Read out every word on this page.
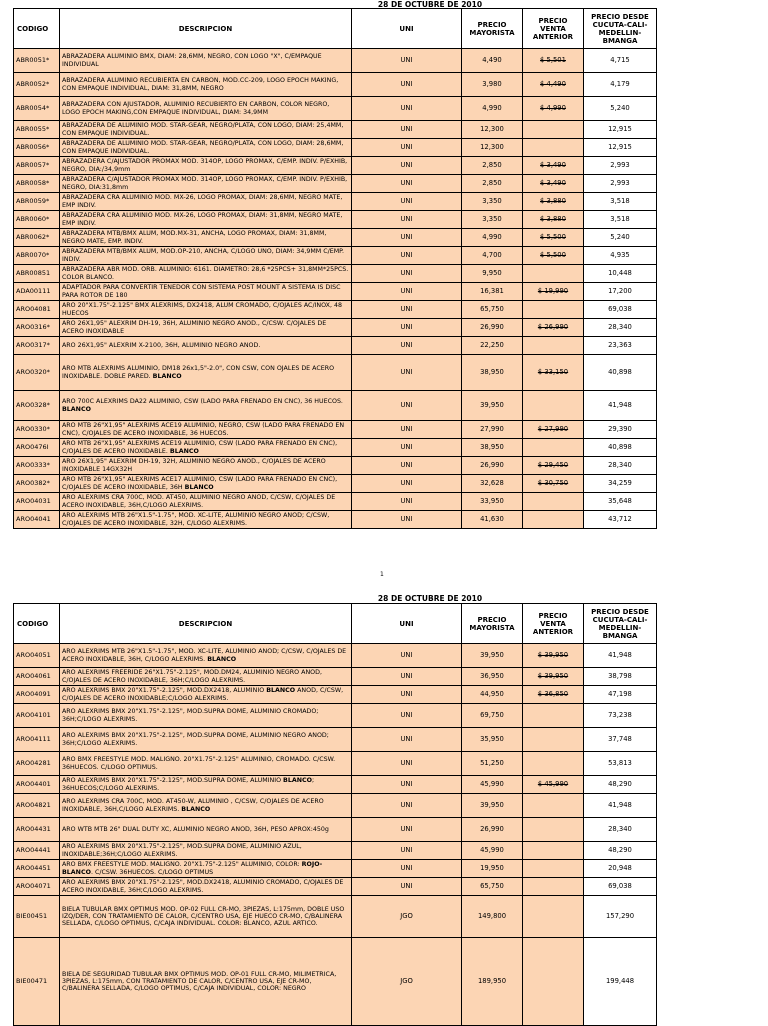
28 DE OCTUBRE DE 2010
CODIGO	DESCRIPCION	UNI	PRECIO MAYORISTA	PRECIO VENTA ANTERIOR	PRECIO DESDE CUCUTA-CALI-MEDELLIN-BMANGA
ABR0051*	ABRAZADERA ALUMINIO BMX, DIAM: 28,6MM, NEGRO, CON LOGO "X", C/EMPAQUE INDIVIDUAL	UNI	4,490	$ 5,501	4,715
ABR0052*	ABRAZADERA ALUMINIO RECUBIERTA EN CARBON, MOD.CC-209, LOGO EPOCH MAKING, CON EMPAQUE INDIVIDUAL, DIAM: 31,8MM, NEGRO	UNI	3,980	$ 4,490	4,179
ABR0054*	ABRAZADERA CON AJUSTADOR, ALUMINIO RECUBIERTO EN CARBON, COLOR NEGRO, LOGO EPOCH MAKING,CON EMPAQUE INDIVIDUAL, DIAM: 34,9MM	UNI	4,990	$ 4,990	5,240
ABR0055*	ABRAZADERA DE ALUMINIO MOD. STAR-GEAR, NEGRO/PLATA, CON LOGO, DIAM: 25,4MM, CON EMPAQUE INDIVIDUAL.	UNI	12,300		12,915
ABR0056*	ABRAZADERA DE ALUMINIO MOD. STAR-GEAR, NEGRO/PLATA, CON LOGO, DIAM: 28,6MM, CON EMPAQUE INDIVIDUAL.	UNI	12,300		12,915
ABR0057*	ABRAZADERA C/AJUSTADOR PROMAX MOD. 314OP, LOGO PROMAX, C/EMP. INDIV. P/EXHIB, NEGRO, DIA:/34,9mm	UNI	2,850	$ 3,490	2,993
ABR0058*	ABRAZADERA C/AJUSTADOR PROMAX MOD. 314OP, LOGO PROMAX, C/EMP. INDIV. P/EXHIB, NEGRO, DIA:31,8mm	UNI	2,850	$ 3,490	2,993
ABR0059*	ABRAZADERA CRA ALUMINIO MOD. MX-26, LOGO PROMAX, DIAM: 28,6MM, NEGRO MATE, EMP INDIV.	UNI	3,350	$ 3,880	3,518
ABR0060*	ABRAZADERA CRA ALUMINIO MOD. MX-26, LOGO PROMAX, DIAM: 31,8MM, NEGRO MATE, EMP INDIV.	UNI	3,350	$ 3,880	3,518
ABR0062*	ABRAZADERA MTB/BMX ALUM, MOD.MX-31, ANCHA, LOGO PROMAX, DIAM: 31,8MM, NEGRO MATE, EMP. INDIV.	UNI	4,990	$ 5,500	5,240
ABR0070*	ABRAZADERA MTB/BMX ALUM, MOD.OP-210, ANCHA, C/LOGO UNO, DIAM: 34,9MM C/EMP. INDIV.	UNI	4,700	$ 5,500	4,935
ABR00851	ABRAZADERA ABR MOD. ORB. ALUMINIO: 6161. DIAMETRO: 28,6 *25PCS+ 31,8MM*25PCS. COLOR BLANCO.	UNI	9,950		10,448
ADA00111	ADAPTADOR PARA CONVERTIR TENEDOR CON SISTEMA POST MOUNT A SISTEMA IS DISC PARA ROTOR DE 180	UNI	16,381	$ 19,990	17,200
ARO04081	ARO 20"X1.75"-2.125" BMX ALEXRIMS, DX2418, ALUM CROMADO, C/OJALES AC/INOX, 48 HUECOS	UNI	65,750		69,038
ARO0316*	ARO 26X1,95" ALEXRIM DH-19, 36H, ALUMINIO NEGRO ANOD., C/CSW. C/OJALES DE ACERO INOXIDABLE	UNI	26,990	$ 26,990	28,340
ARO0317*	ARO 26X1,95" ALEXRIM X-2100, 36H, ALUMINIO NEGRO ANOD.	UNI	22,250		23,363
ARO0320*	ARO MTB ALEXRIMS ALUMINIO, DM18 26x1,5"-2.0", CON CSW, CON OJALES DE ACERO INOXIDABLE. DOBLE PARED. BLANCO	UNI	38,950	$ 33,150	40,898
ARO0328*	ARO 700C ALEXRIMS DA22 ALUMINIO, CSW (LADO PARA FRENADO EN CNC), 36 HUECOS. BLANCO	UNI	39,950		41,948
ARO0330*	ARO MTB 26"X1,95" ALEXRIMS ACE19 ALUMINIO, NEGRO, CSW (LADO PARA FRENADO EN CNC), C/OJALES DE ACERO INOXIDABLE, 36 HUECOS.	UNI	27,990	$ 27,990	29,390
ARO0476I	ARO MTB 26"X1,95" ALEXRIMS ACE19 ALUMINIO, CSW (LADO PARA FRENADO EN CNC), C/OJALES DE ACERO INOXIDABLE. BLANCO	UNI	38,950		40,898
ARO0333*	ARO 26X1,95" ALEXRIM DH-19, 32H, ALUMINIO NEGRO ANOD., C/OJALES DE ACERO INOXIDABLE 14GX32H	UNI	26,990	$ 29,450	28,340
ARO0382*	ARO MTB 26"X1,95" ALEXRIMS ACE17 ALUMINIO, CSW (LADO PARA FRENADO EN CNC), C/OJALES DE ACERO INOXIDABLE, 36H BLANCO	UNI	32,628	$ 30,750	34,259
ARO04031	ARO ALEXRIMS CRA 700C, MOD. AT450, ALUMINIO NEGRO ANOD, C/CSW, C/OJALES DE ACERO INOXIDABLE, 36H,C/LOGO ALEXRIMS.	UNI	33,950		35,648
ARO04041	ARO ALEXRIMS MTB 26"X1.5"-1.75", MOD. XC-LITE, ALUMINIO NEGRO ANOD; C/CSW, C/OJALES DE ACERO INOXIDABLE, 32H, C/LOGO ALEXRIMS.	UNI	41,630		43,712
1
28 DE OCTUBRE DE 2010
CODIGO	DESCRIPCION	UNI	PRECIO MAYORISTA	PRECIO VENTA ANTERIOR	PRECIO DESDE CUCUTA-CALI-MEDELLIN-BMANGA
ARO04051	ARO ALEXRIMS MTB 26"X1.5"-1.75", MOD. XC-LITE, ALUMINIO ANOD; C/CSW, C/OJALES DE ACERO INOXIDABLE, 36H, C/LOGO ALEXRIMS. BLANCO	UNI	39,950	$ 39,950	41,948
ARO04061	ARO ALEXRIMS FREERIDE 26"X1.75"-2.125", MOD.DM24, ALUMINIO NEGRO ANOD, C/OJALES DE ACERO INOXIDABLE, 36H;C/LOGO ALEXRIMS.	UNI	36,950	$ 39,950	38,798
ARO04091	ARO ALEXRIMS BMX 20"X1.75"-2.125", MOD.DX2418, ALUMINIO BLANCO ANOD, C/CSW, C/OJALES DE ACERO INOXIDABLE;C/LOGO ALEXRIMS.	UNI	44,950	$ 36,850	47,198
ARO04101	ARO ALEXRIMS BMX 20"X1.75"-2.125", MOD.SUPRA DOME, ALUMINIO CROMADO; 36H;C/LOGO ALEXRIMS.	UNI	69,750		73,238
ARO04111	ARO ALEXRIMS BMX 20"X1.75"-2.125", MOD.SUPRA DOME, ALUMINIO NEGRO ANOD; 36H;C/LOGO ALEXRIMS.	UNI	35,950		37,748
ARO04281	ARO BMX FREESTYLE MOD. MALIGNO. 20"X1.75"-2.125" ALUMINIO, CROMADO. C/CSW. 36HUECOS. C/LOGO OPTIMUS.	UNI	51,250		53,813
ARO04401	ARO ALEXRIMS BMX 20"X1.75"-2.125", MOD.SUPRA DOME, ALUMINIO BLANCO; 36HUECOS;C/LOGO ALEXRIMS.	UNI	45,990	$ 45,990	48,290
ARO04821	ARO ALEXRIMS CRA 700C, MOD. AT450-W, ALUMINIO , C/CSW, C/OJALES DE ACERO INOXIDABLE, 36H,C/LOGO ALEXRIMS. BLANCO	UNI	39,950		41,948
ARO04431	ARO WTB MTB 26" DUAL DUTY XC, ALUMINIO NEGRO ANOD, 36H, PESO APROX:450g	UNI	26,990		28,340
ARO04441	ARO ALEXRIMS BMX 20"X1.75"-2.125", MOD.SUPRA DOME, ALUMINIO AZUL, INOXIDABLE;36H;C/LOGO ALEXRIMS.	UNI	45,990		48,290
ARO04451	ARO BMX FREESTYLE MOD. MALIGNO. 20"X1.75"-2.125" ALUMINIO, COLOR: ROJO-BLANCO. C/CSW. 36HUECOS. C/LOGO OPTIMUS	UNI	19,950		20,948
ARO04071	ARO ALEXRIMS BMX 20"X1.75"-2.125", MOD.DX2418, ALUMINIO CROMADO, C/OJALES DE ACERO INOXIDABLE, 36H;C/LOGO ALEXRIMS.	UNI	65,750		69,038
BIE00451	BIELA TUBULAR BMX OPTIMUS MOD. OP-02 FULL CR-MO, 3PIEZAS, L:175mm, DOBLE USO IZQ/DER, CON TRATAMIENTO DE CALOR, C/CENTRO USA, EJE HUECO CR-MO, C/BALINERA SELLADA, C/LOGO OPTIMUS, C/CAJA INDIVIDUAL. COLOR: BLANCO, AZUL ARTICO.	JGO	149,800		157,290
BIE00471	BIELA DE SEGURIDAD TUBULAR BMX OPTIMUS MOD. OP-01 FULL CR-MO, MILIMETRICA, 3PIEZAS, L:175mm, CON TRATAMIENTO DE CALOR, C/CENTRO USA, EJE CR-MO, C/BALINERA SELLADA, C/LOGO OPTIMUS, C/CAJA INDIVIDUAL, COLOR: NEGRO	JGO	189,950		199,448
